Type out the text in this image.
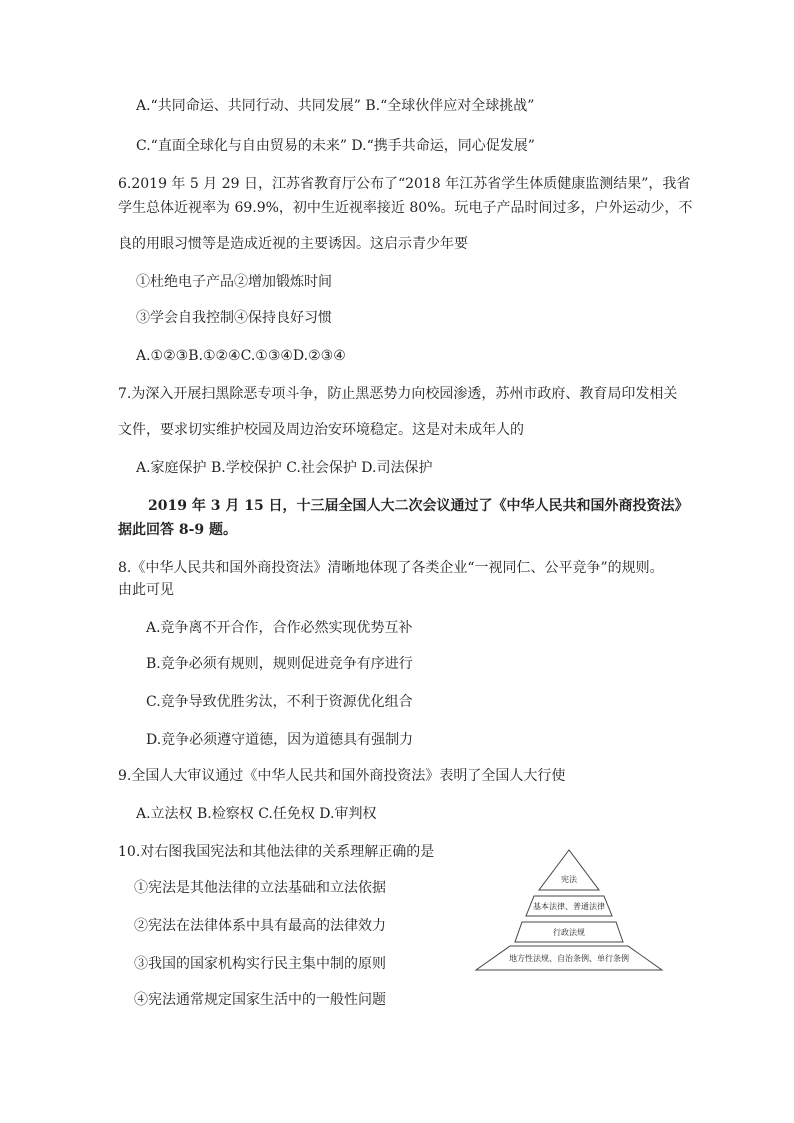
A.“共同命运、共同行动、共同发展” B.“全球伙伴应对全球挑战”
C.“直面全球化与自由贸易的未来” D.“携手共命运，同心促发展”
6.2019 年 5 月 29 日，江苏省教育厅公布了“2018 年江苏省学生体质健康监测结果”，我省
学生总体近视率为 69.9%，初中生近视率接近 80%。玩电子产品时间过多，户外运动少，不
良的用眼习惯等是造成近视的主要诱因。这启示青少年要
①杜绝电子产品②增加锻炼时间
③学会自我控制④保持良好习惯
A.①②③B.①②④C.①③④D.②③④
7.为深入开展扫黑除恶专项斗争，防止黑恶势力向校园渗透，苏州市政府、教育局印发相关
文件，要求切实维护校园及周边治安环境稳定。这是对未成年人的
A.家庭保护 B.学校保护 C.社会保护 D.司法保护
2019 年 3 月 15 日，十三届全国人大二次会议通过了《中华人民共和国外商投资法》
据此回答 8-9 题。
8.《中华人民共和国外商投资法》清晰地体现了各类企业“一视同仁、公平竞争”的规则。
由此可见
A.竞争离不开合作，合作必然实现优势互补
B.竞争必须有规则，规则促进竞争有序进行
C.竞争导致优胜劣汰，不利于资源优化组合
D.竞争必须遵守道德，因为道德具有强制力
9.全国人大审议通过《中华人民共和国外商投资法》表明了全国人大行使
A.立法权 B.检察权 C.任免权 D.审判权
10.对右图我国宪法和其他法律的关系理解正确的是
①宪法是其他法律的立法基础和立法依据
②宪法在法律体系中具有最高的法律效力
③我国的国家机构实行民主集中制的原则
④宪法通常规定国家生活中的一般性问题
宪法
基本法律、普通法律
行政法规
地方性法规、自治条例、单行条例
